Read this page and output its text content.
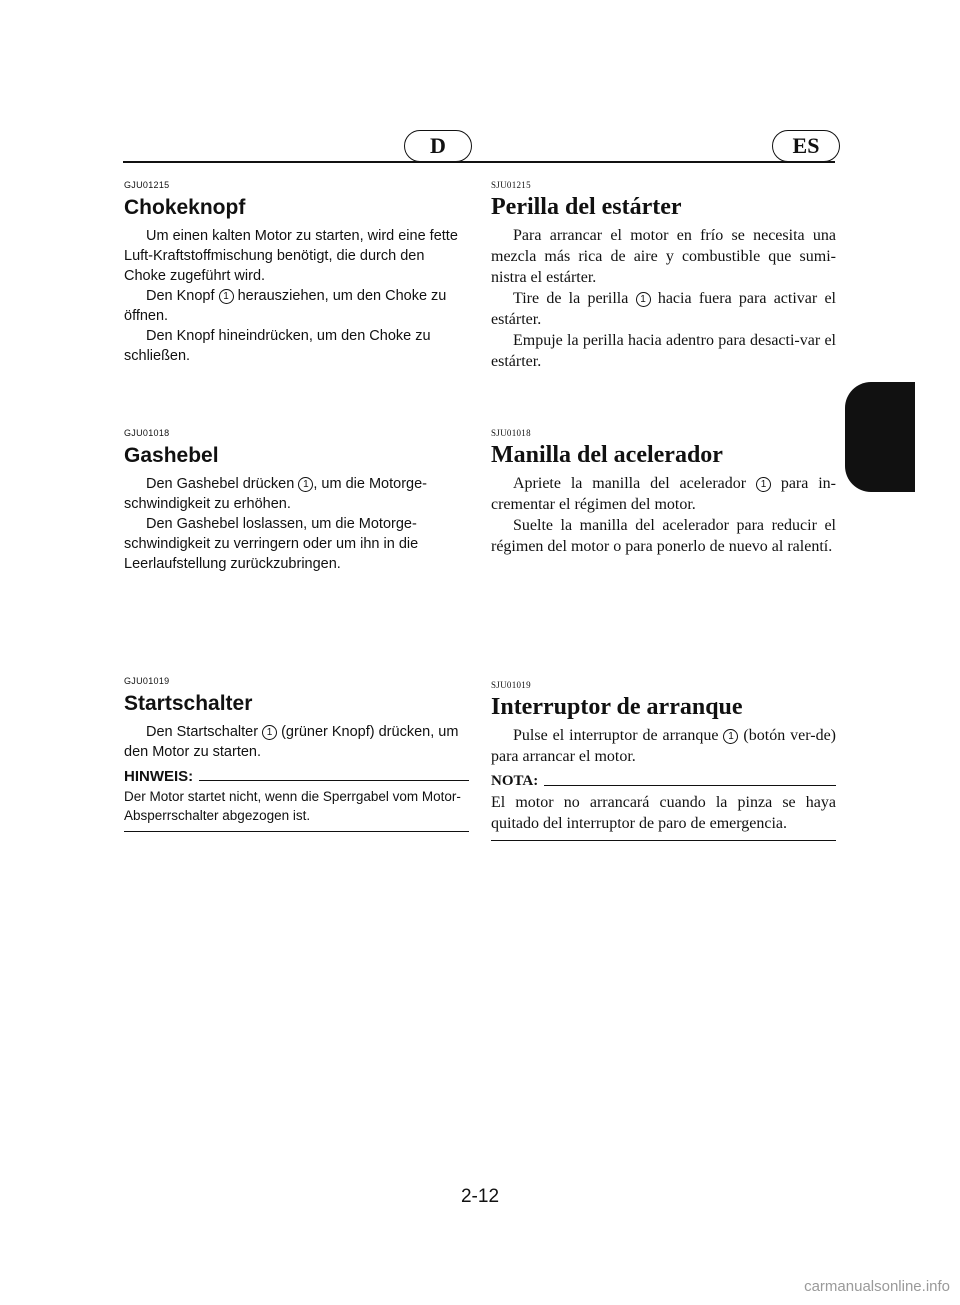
D	ES

GJU01215

Chokeknopf

Um einen kalten Motor zu starten, wird eine fette Luft-Kraftstoffmischung benötigt, die durch den Choke zugeführt wird.

Den Knopf 1 herausziehen, um den Choke zu öffnen.

Den Knopf hineindrücken, um den Choke zu schließen.

GJU01018

Gashebel

Den Gashebel drücken 1 , um die Motorge-schwindigkeit zu erhöhen.

Den Gashebel loslassen, um die Motorge-schwindigkeit zu verringern oder um ihn in die Leerlaufstellung zurückzubringen.

GJU01019

Startschalter

Den Startschalter 1 (grüner Knopf) drücken, um den Motor zu starten.

HINWEIS:

Der Motor startet nicht, wenn die Sperrgabel vom Motor-Absperrschalter abgezogen ist.

SJU01215

Perilla del estárter

Para arrancar el motor en frío se necesita una mezcla más rica de aire y combustible que sumi-nistra el estárter.

Tire de la perilla 1 hacia fuera para activar el estárter.

Empuje la perilla hacia adentro para desacti-var el estárter.

SJU01018

Manilla del acelerador

Apriete la manilla del acelerador 1 para in-crementar el régimen del motor.

Suelte la manilla del acelerador para reducir el régimen del motor o para ponerlo de nuevo al ralentí.

SJU01019

Interruptor de arranque

Pulse el interruptor de arranque 1 (botón ver-de) para arrancar el motor.

NOTA:

El motor no arrancará cuando la pinza se haya quitado del interruptor de paro de emergencia.

2-12
carmanualsonline.info
